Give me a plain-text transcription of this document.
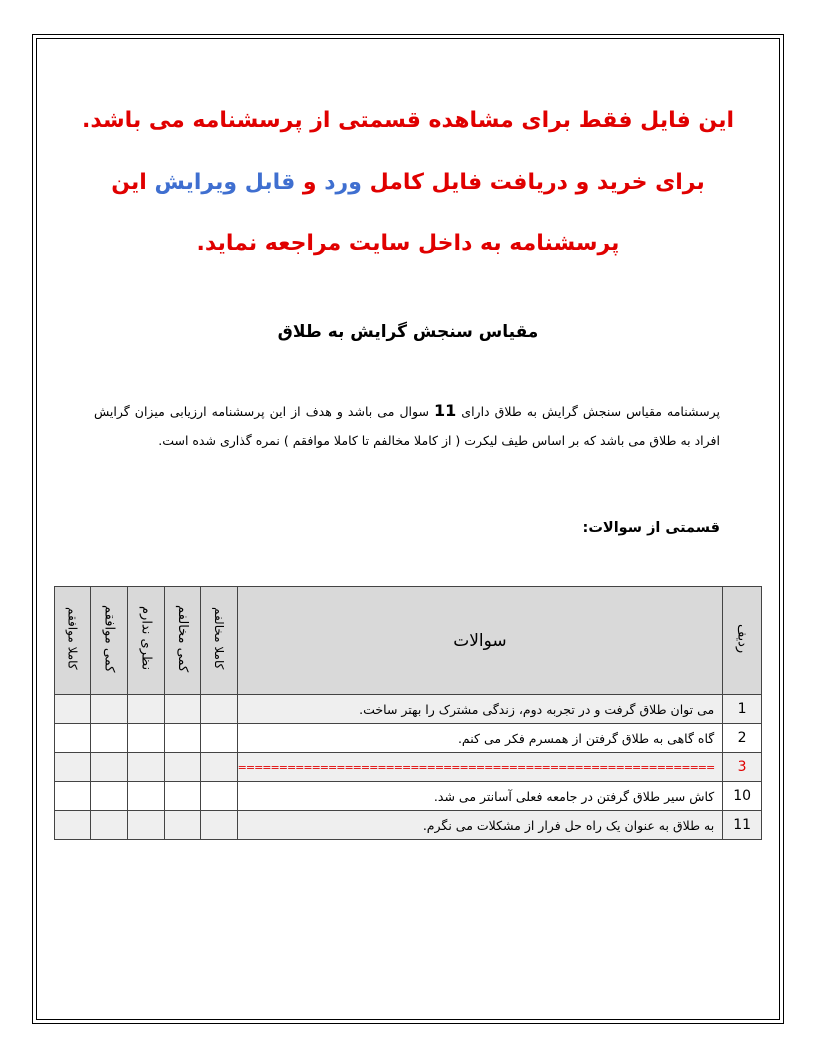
این فایل فقط برای مشاهده قسمتی از پرسشنامه می باشد.
برای خرید و دریافت فایل کامل ورد و قابل ویرایش این
پرسشنامه به داخل سایت مراجعه نماید.
مقیاس سنجش گرایش به طلاق
پرسشنامه مقیاس سنجش گرایش به طلاق دارای 11 سوال می باشد و هدف از این پرسشنامه ارزیابی میزان گرایش افراد به طلاق می باشد که بر اساس طیف لیکرت ( از کاملا مخالفم تا کاملا موافقم ) نمره گذاری شده است.
قسمتی از سوالات:
ردیف	سوالات	کاملا مخالفم	کمی مخالفم	نظری ندارم	کمی موافقم	کاملا موافقم
1	می توان طلاق گرفت و در تجربه دوم، زندگی مشترک را بهتر ساخت.					
2	گاه گاهی به طلاق گرفتن از همسرم فکر می کنم.					
3	==========================================================					
10	کاش سیر طلاق گرفتن در جامعه فعلی آسانتر می شد.					
11	به طلاق به عنوان یک راه حل فرار از مشکلات می نگرم.					
